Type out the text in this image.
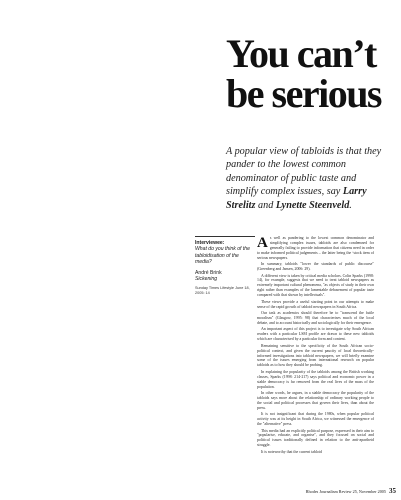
You can’t
be serious
A popular view of tabloids is that they pander to the lowest common denominator of public taste and simplify complex issues, say Larry Strelitz and Lynette Steenveld.
Interviewee:
What do you think of the tabloidisation of the media?
André Brink
Sickening
Sunday Times Lifestyle June 18, 2005: 14

As well as pandering to the lowest common denominator and simplifying complex issues, tabloids are also condemned for generally failing to provide information that citizens need in order to make informed political judgements – the latter being the ‘stock item of serious newspapers.

In summary, tabloids "lower the standards of public discourse" (Greenberg and Jansen, 2006: 29).

A different view is taken by critical media scholars. Colin Sparks (1998: 14), for example, suggests that we need to treat tabloid newspapers as extremely important cultural phenomena, "as objects of study in their own right rather than examples of the lamentable debasement of popular taste compared with that shown by intellectuals".

These views provide a useful starting point in our attempts to make sense of the rapid growth of tabloid newspapers in South Africa.

Our task as academics should therefore be to "transcend the futile moralism" (Glasgow, 1995: 98) that characterises much of the local debate, and to account historically and sociologically for their emergence.

An important aspect of this project is to investigate why South African readers with a particular LSM profile are drawn to these new tabloids which are characterised by a particular form and content.

Remaining sensitive to the specificity of the South African socio-political context, and given the current paucity of local theoretically-informed investigations into tabloid newspapers, we will briefly examine some of the issues emerging from international research on popular tabloids as to how they should be probing.

In explaining the popularity of the tabloids among the British working classes, Sparks (1998: 214-217) says political and economic power in a stable democracy is far removed from the real lives of the mass of the population.

In other words, he argues, in a stable democracy the popularity of the tabloids says more about the relationship of ordinary working people to the social and political processes that govern their lives, than about the press.

It is not insignificant that during the 1980s, when popular political activity was at its height in South Africa, we witnessed the emergence of the "alternative" press.

This media had an explicitly political purpose, expressed in their aim to "popularise, educate, and organise", and they focused on social and political issues traditionally defined in relation to the anti-apartheid struggle.

It is noteworthy that the current tabloid

Rhodes Journalism Review 25, November 2005 35
